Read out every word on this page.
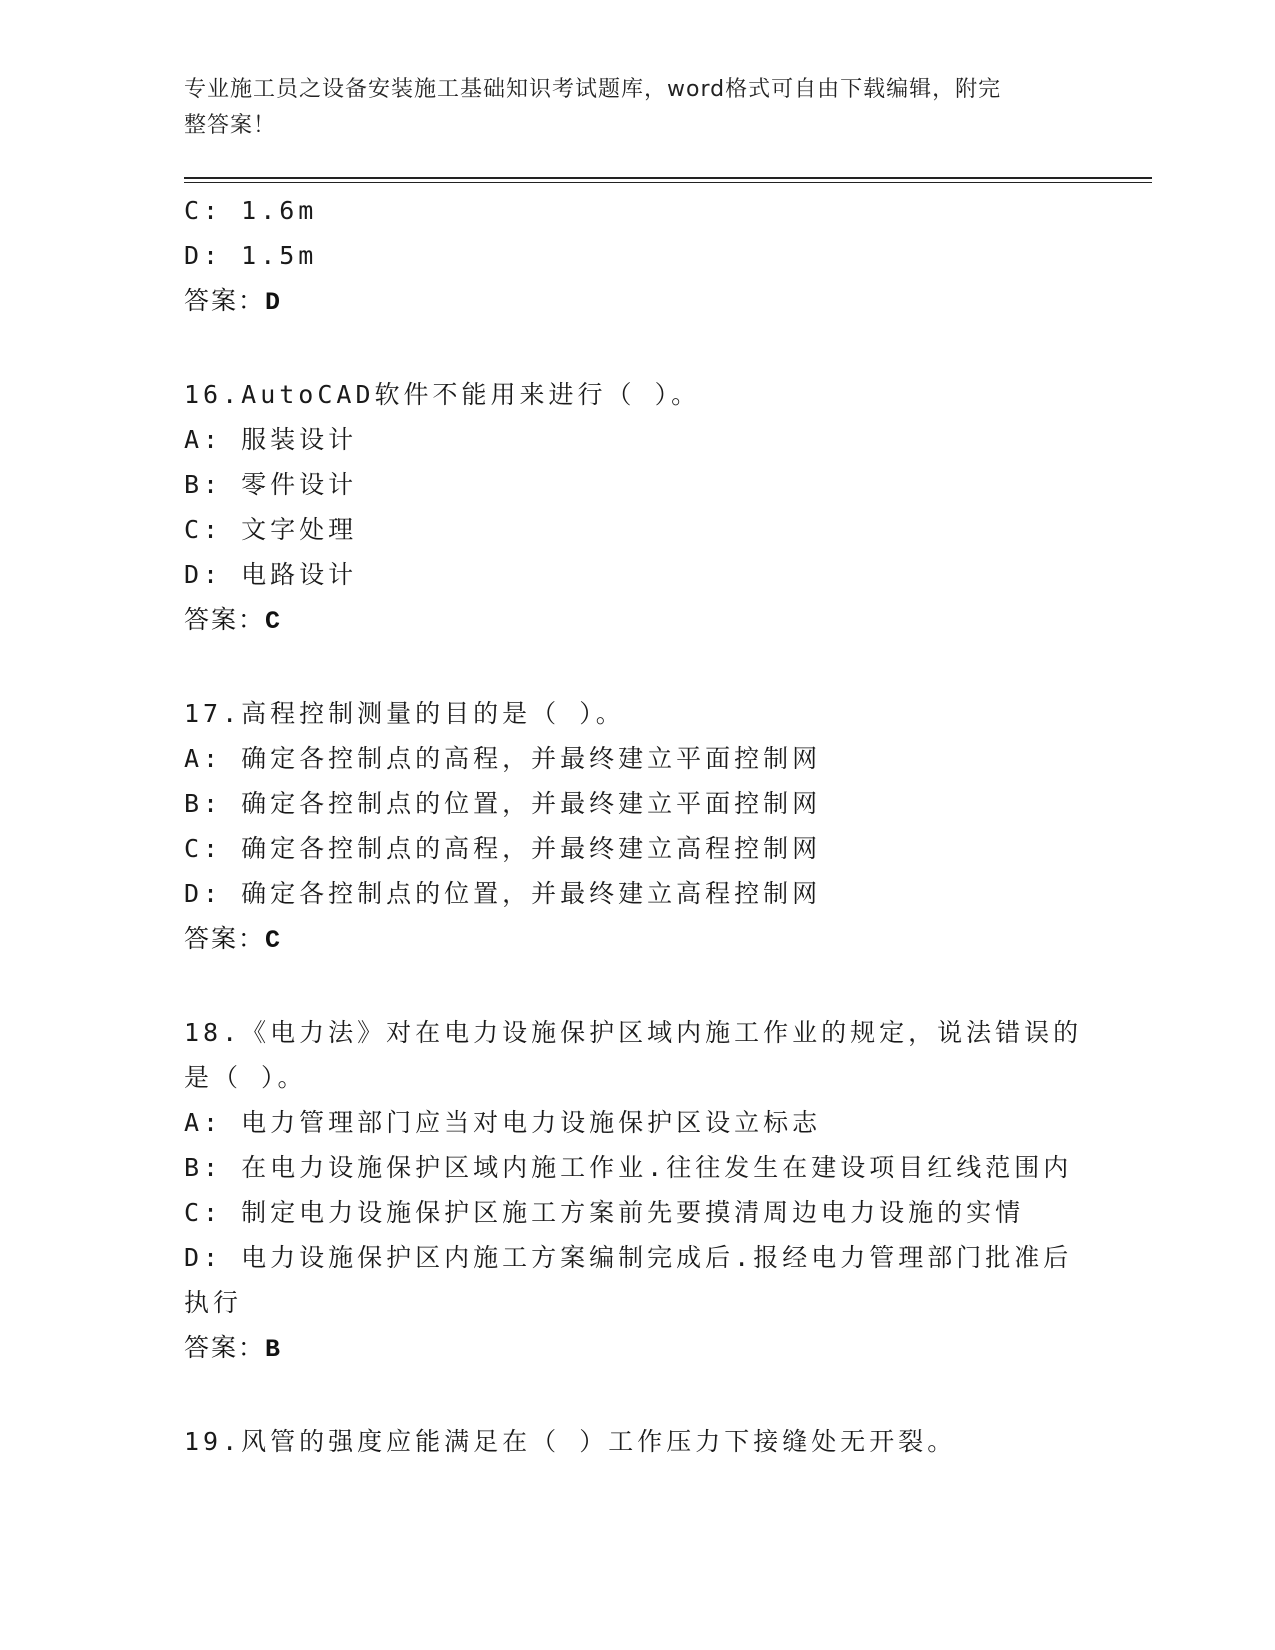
专业施工员之设备安装施工基础知识考试题库，word格式可自由下载编辑，附完
整答案！
C: 1.6m
D: 1.5m
答案：D
16.AutoCAD软件不能用来进行（ ）。
A: 服装设计
B: 零件设计
C: 文字处理
D: 电路设计
答案：C
17.高程控制测量的目的是（ ）。
A: 确定各控制点的高程，并最终建立平面控制网
B: 确定各控制点的位置，并最终建立平面控制网
C: 确定各控制点的高程，并最终建立高程控制网
D: 确定各控制点的位置，并最终建立高程控制网
答案：C
18.《电力法》对在电力设施保护区域内施工作业的规定，说法错误的
是（ ）。
A: 电力管理部门应当对电力设施保护区设立标志
B: 在电力设施保护区域内施工作业.往往发生在建设项目红线范围内
C: 制定电力设施保护区施工方案前先要摸清周边电力设施的实情
D: 电力设施保护区内施工方案编制完成后.报经电力管理部门批准后
执行
答案：B
19.风管的强度应能满足在（ ）工作压力下接缝处无开裂。
